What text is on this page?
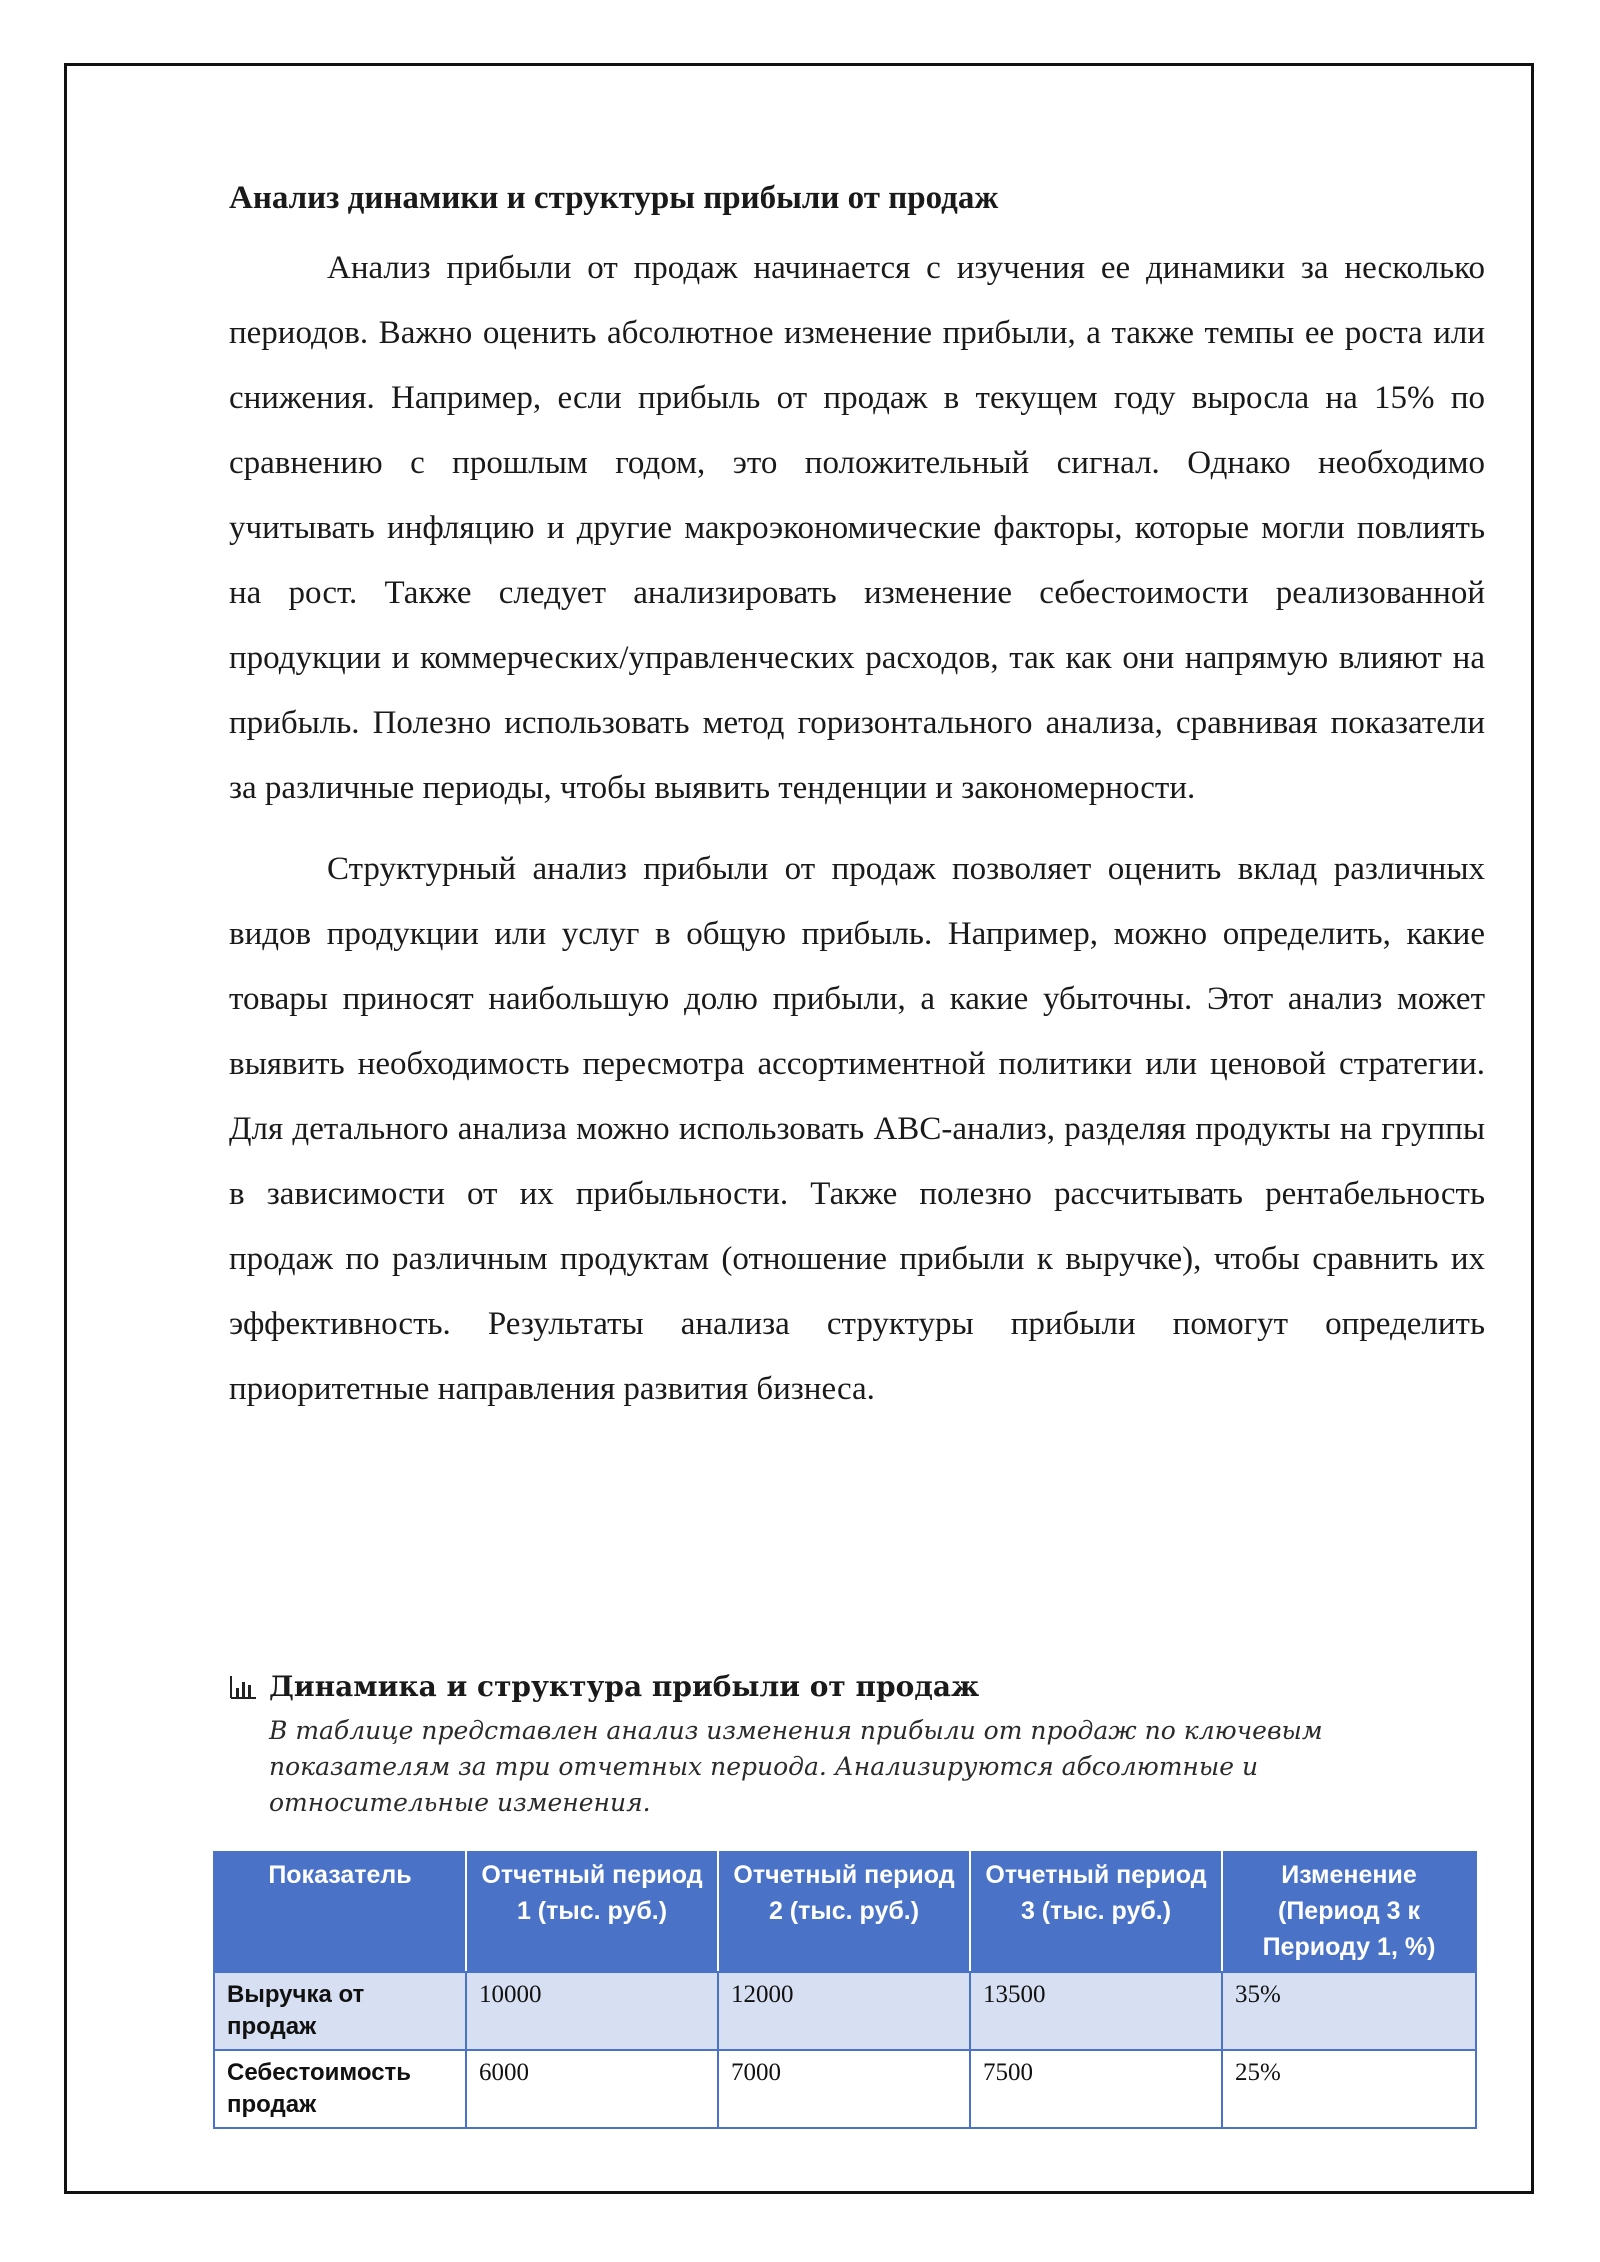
Анализ динамики и структуры прибыли от продаж

Анализ прибыли от продаж начинается с изучения ее динамики за несколько периодов. Важно оценить абсолютное изменение прибыли, а также темпы ее роста или снижения. Например, если прибыль от продаж в текущем году выросла на 15% по сравнению с прошлым годом, это положительный сигнал. Однако необходимо учитывать инфляцию и другие макроэкономические факторы, которые могли повлиять на рост. Также следует анализировать изменение себестоимости реализованной продукции и коммерческих/управленческих расходов, так как они напрямую влияют на прибыль. Полезно использовать метод горизонтального анализа, сравнивая показатели за различные периоды, чтобы выявить тенденции и закономерности.

Структурный анализ прибыли от продаж позволяет оценить вклад различных видов продукции или услуг в общую прибыль. Например, можно определить, какие товары приносят наибольшую долю прибыли, а какие убыточны. Этот анализ может выявить необходимость пересмотра ассортиментной политики или ценовой стратегии. Для детального анализа можно использовать ABC-анализ, разделяя продукты на группы в зависимости от их прибыльности. Также полезно рассчитывать рентабельность продаж по различным продуктам (отношение прибыли к выручке), чтобы сравнить их эффективность. Результаты анализа структуры прибыли помогут определить приоритетные направления развития бизнеса.

Динамика и структура прибыли от продаж
В таблице представлен анализ изменения прибыли от продаж по ключевым показателям за три отчетных периода. Анализируются абсолютные и относительные изменения.
Показатель	Отчетный период 1 (тыс. руб.)	Отчетный период 2 (тыс. руб.)	Отчетный период 3 (тыс. руб.)	Изменение (Период 3 к Периоду 1, %)
Выручка от продаж	10000	12000	13500	35%
Себестоимость продаж	6000	7000	7500	25%
